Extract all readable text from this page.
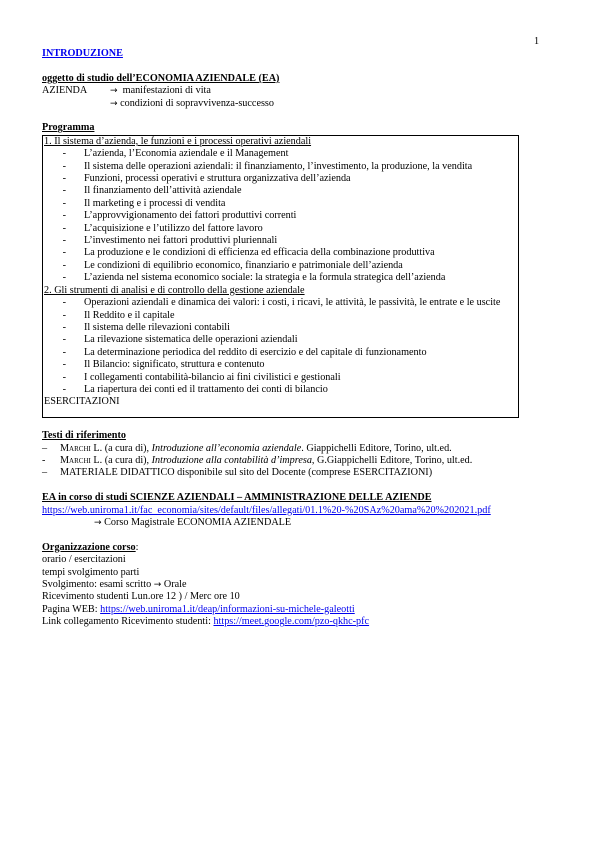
1
INTRODUZIONE
oggetto di studio dell’ECONOMIA AZIENDALE (EA)
AZIENDA	→ manifestazioni di vita
→ condizioni di sopravvivenza-successo
Programma
1. Il sistema d’azienda, le funzioni e i processi operativi aziendali
-	L’azienda, l’Economia aziendale e il Management
-	Il sistema delle operazioni aziendali: il finanziamento, l’investimento, la produzione, la vendita
-	Funzioni, processi operativi e struttura organizzativa dell’azienda
-	Il finanziamento dell’attività aziendale
-	Il marketing e i processi di vendita
-	L’approvvigionamento dei fattori produttivi correnti
-	L’acquisizione e l’utilizzo del fattore lavoro
-	L’investimento nei fattori produttivi pluriennali
-	La produzione e le condizioni di efficienza ed efficacia della combinazione produttiva
-	Le condizioni di equilibrio economico, finanziario e patrimoniale dell’azienda
-	L’azienda nel sistema economico sociale: la strategia e la formula strategica dell’azienda
2. Gli strumenti di analisi e di controllo della gestione aziendale
-	Operazioni aziendali e dinamica dei valori: i costi, i ricavi, le attività, le passività, le entrate e le uscite
-	Il Reddito e il capitale
-	Il sistema delle rilevazioni contabili
-	La rilevazione sistematica delle operazioni aziendali
-	La determinazione periodica del reddito di esercizio e del capitale di funzionamento
-	Il Bilancio: significato, struttura e contenuto
-	I collegamenti contabilità-bilancio ai fini civilistici e gestionali
-	La riapertura dei conti ed il trattamento dei conti di bilancio
ESERCITAZIONI
Testi di riferimento
–	Marchi L. (a cura di), Introduzione all’economia aziendale. Giappichelli Editore, Torino, ult.ed.
-	Marchi L. (a cura di), Introduzione alla contabilità d’impresa, G.Giappichelli Editore, Torino, ult.ed.
–	MATERIALE DIDATTICO disponibile sul sito del Docente (comprese ESERCITAZIONI)
EA in corso di studi SCIENZE AZIENDALI – AMMINISTRAZIONE DELLE AZIENDE
https://web.uniroma1.it/fac_economia/sites/default/files/allegati/01.1%20-%20SAz%20ama%20%202021.pdf
→ Corso Magistrale ECONOMIA AZIENDALE
Organizzazione corso:
orario / esercitazioni
tempi svolgimento parti
Svolgimento: esami scritto → Orale
Ricevimento studenti Lun.ore 12 ) / Merc ore 10
Pagina WEB: https://web.uniroma1.it/deap/informazioni-su-michele-galeotti
Link collegamento Ricevimento studenti: https://meet.google.com/pzo-qkhc-pfc
